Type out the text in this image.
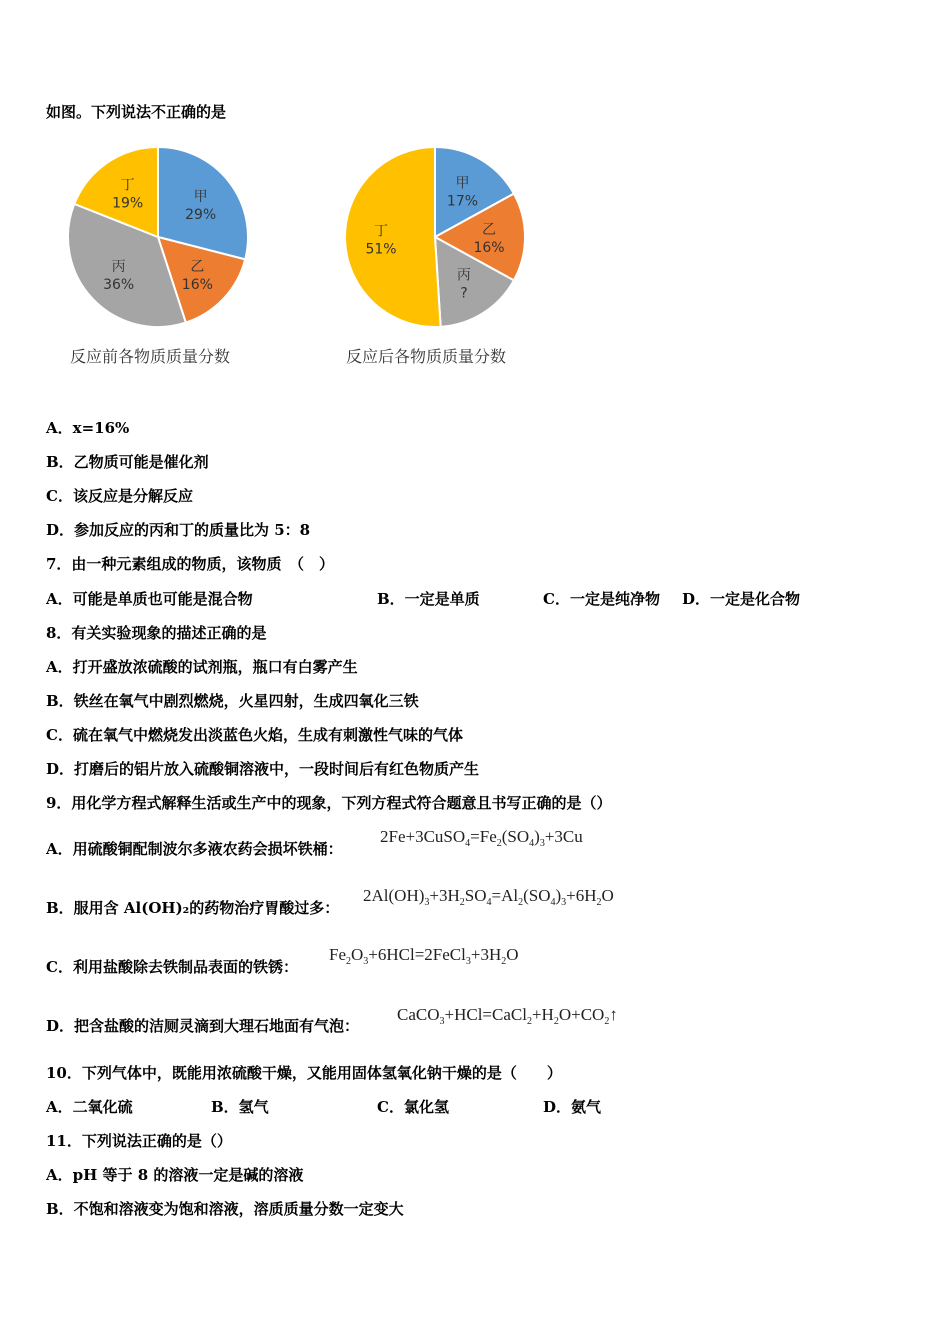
如图。下列说法不正确的是
甲
29%
乙
16%
丙
36%
丁
19%
反应前各物质质量分数
甲
17%
乙
16%
丙
?
丁
51%
反应后各物质质量分数
A．x=16%
B．乙物质可能是催化剂
C．该反应是分解反应
D．参加反应的丙和丁的质量比为 5：8
7．由一种元素组成的物质，该物质　（　）
A．可能是单质也可能是混合物	B．一定是单质	C．一定是纯净物 D．一定是化合物
8．有关实验现象的描述正确的是
A．打开盛放浓硫酸的试剂瓶，瓶口有白雾产生
B．铁丝在氧气中剧烈燃烧，火星四射，生成四氧化三铁
C．硫在氧气中燃烧发出淡蓝色火焰，生成有刺激性气味的气体
D．打磨后的铝片放入硫酸铜溶液中，一段时间后有红色物质产生
9．用化学方程式解释生活或生产中的现象，下列方程式符合题意且书写正确的是（）
A．用硫酸铜配制波尔多液农药会损坏铁桶：
$2Fe+3CuSO_4=Fe_2(SO_4)_3+3Cu$
B．服用含 Al(OH)₂的药物治疗胃酸过多：
$2Al(OH)_3+3H_2SO_4=Al_2(SO_4)_3+6H_2O$
C．利用盐酸除去铁制品表面的铁锈：
$Fe_2O_3+6HCl=2FeCl_3+3H_2O$
D．把含盐酸的洁厕灵滴到大理石地面有气泡：
$CaCO_3+HCl=CaCl_2+H_2O+CO_2↑$
10．下列气体中，既能用浓硫酸干燥，又能用固体氢氧化钠干燥的是（　　）
A．二氧化硫	B．氢气	C．氯化氢	D．氨气
11．下列说法正确的是（）
A．pH 等于 8 的溶液一定是碱的溶液
B．不饱和溶液变为饱和溶液，溶质质量分数一定变大
